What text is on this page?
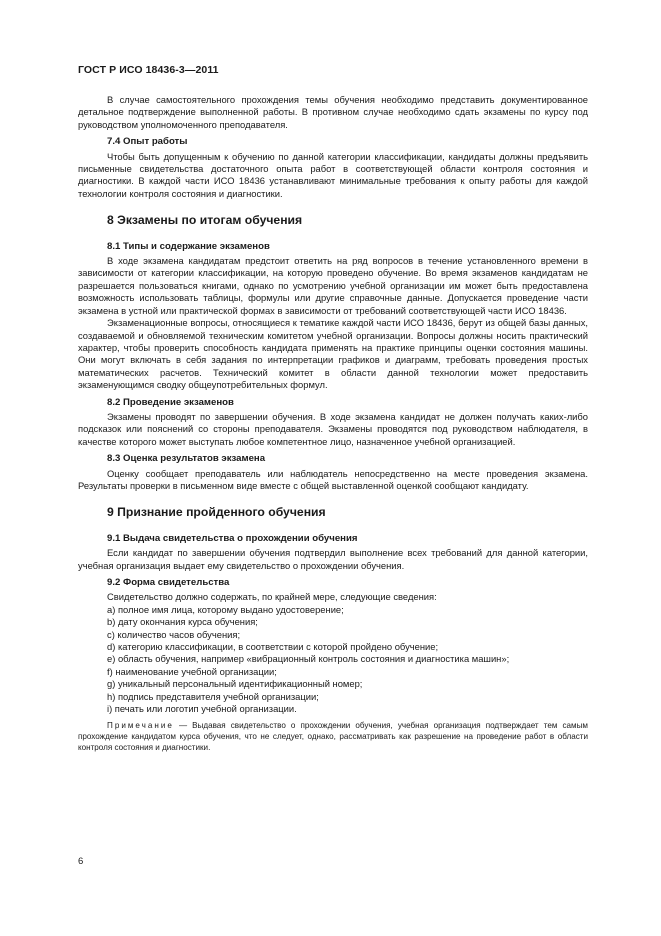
ГОСТ Р ИСО 18436-3—2011

В случае самостоятельного прохождения темы обучения необходимо представить документированное детальное подтверждение выполненной работы. В противном случае необходимо сдать экзамены по курсу под руководством уполномоченного преподавателя.

7.4 Опыт работы

Чтобы быть допущенным к обучению по данной категории классификации, кандидаты должны предъявить письменные свидетельства достаточного опыта работ в соответствующей области контроля состояния и диагностики. В каждой части ИСО 18436 устанавливают минимальные требования к опыту работы для каждой технологии контроля состояния и диагностики.

8 Экзамены по итогам обучения
8.1 Типы и содержание экзаменов

В ходе экзамена кандидатам предстоит ответить на ряд вопросов в течение установленного времени в зависимости от категории классификации, на которую проведено обучение. Во время экзаменов кандидатам не разрешается пользоваться книгами, однако по усмотрению учебной организации им может быть предоставлена возможность использовать таблицы, формулы или другие справочные данные. Допускается проведение части экзамена в устной или практической формах в зависимости от требований соответствующей части ИСО 18436.

Экзаменационные вопросы, относящиеся к тематике каждой части ИСО 18436, берут из общей базы данных, создаваемой и обновляемой техническим комитетом учебной организации. Вопросы должны носить практический характер, чтобы проверить способность кандидата применять на практике принципы оценки состояния машины. Они могут включать в себя задания по интерпретации графиков и диаграмм, требовать проведения простых математических расчетов. Технический комитет в области данной технологии может предоставить экзаменующимся сводку общеупотребительных формул.

8.2 Проведение экзаменов

Экзамены проводят по завершении обучения. В ходе экзамена кандидат не должен получать каких-либо подсказок или пояснений со стороны преподавателя. Экзамены проводятся под руководством наблюдателя, в качестве которого может выступать любое компетентное лицо, назначенное учебной организацией.

8.3 Оценка результатов экзамена

Оценку сообщает преподаватель или наблюдатель непосредственно на месте проведения экзамена. Результаты проверки в письменном виде вместе с общей выставленной оценкой сообщают кандидату.

9 Признание пройденного обучения
9.1 Выдача свидетельства о прохождении обучения

Если кандидат по завершении обучения подтвердил выполнение всех требований для данной категории, учебная организация выдает ему свидетельство о прохождении обучения.

9.2 Форма свидетельства

Свидетельство должно содержать, по крайней мере, следующие сведения:

a) полное имя лица, которому выдано удостоверение;
b) дату окончания курса обучения;
c) количество часов обучения;
d) категорию классификации, в соответствии с которой пройдено обучение;
e) область обучения, например «вибрационный контроль состояния и диагностика машин»;
f) наименование учебной организации;
g) уникальный персональный идентификационный номер;
h) подпись представителя учебной организации;
i) печать или логотип учебной организации.
Примечание — Выдавая свидетельство о прохождении обучения, учебная организация подтверждает тем самым прохождение кандидатом курса обучения, что не следует, однако, рассматривать как разрешение на проведение работ в области контроля состояния и диагностики.
6
